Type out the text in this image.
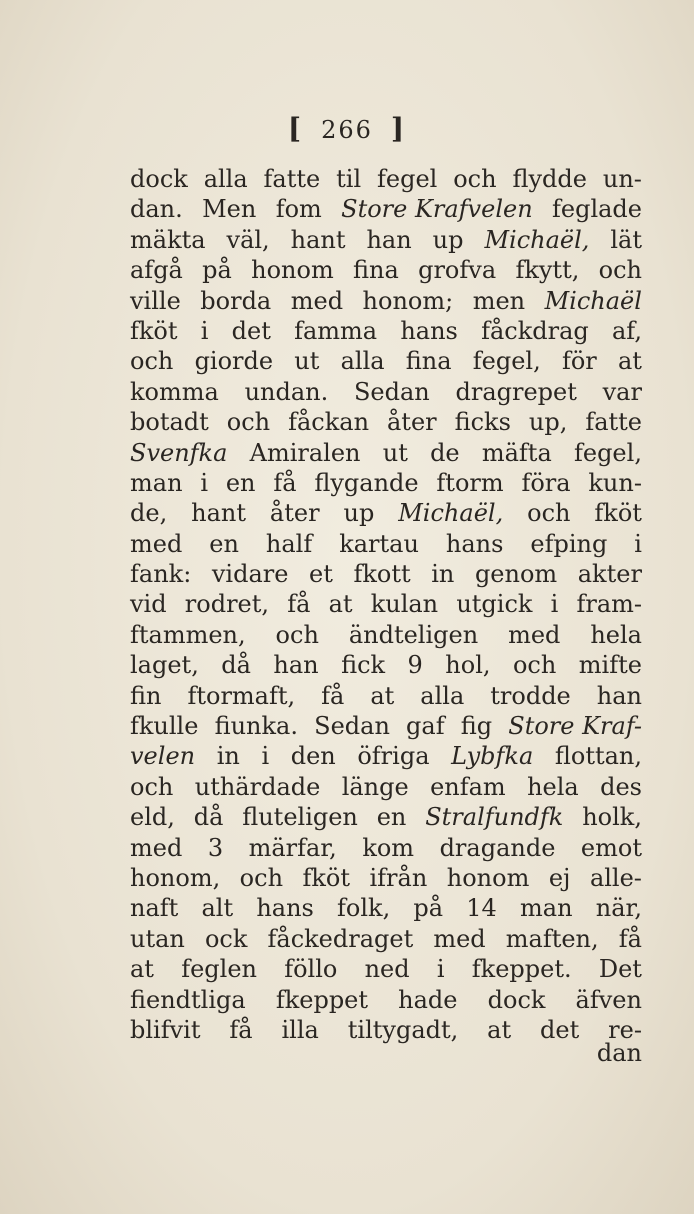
[ 266 ]
dock alla fatte til fegel och flydde un-
dan. Men fom Store Krafvelen feglade
mäkta väl, hant han up Michaël, lät
afgå på honom fina grofva fkytt, och
ville borda med honom; men Michaël
fköt i det famma hans fåckdrag af,
och giorde ut alla fina fegel, för at
komma undan. Sedan dragrepet var
botadt och fåckan åter ficks up, fatte
Svenfka Amiralen ut de mäfta fegel,
man i en få flygande ftorm föra kun-
de, hant åter up Michaël, och fköt
med en half kartau hans efping i
fank: vidare et fkott in genom akter
vid rodret, få at kulan utgick i fram-
ftammen, och ändteligen med hela
laget, då han fick 9 hol, och mifte
fin ftormaft, få at alla trodde han
fkulle fiunka. Sedan gaf fig Store Kraf-
velen in i den öfriga Lybfka flottan,
och uthärdade länge enfam hela des
eld, då fluteligen en Stralfundfk holk,
med 3 märfar, kom dragande emot
honom, och fköt ifrån honom ej alle-
naft alt hans folk, på 14 man när,
utan ock fåckedraget med maften, få
at feglen föllo ned i fkeppet. Det
fiendtliga fkeppet hade dock äfven
blifvit få illa tiltygadt, at det re-
dan
